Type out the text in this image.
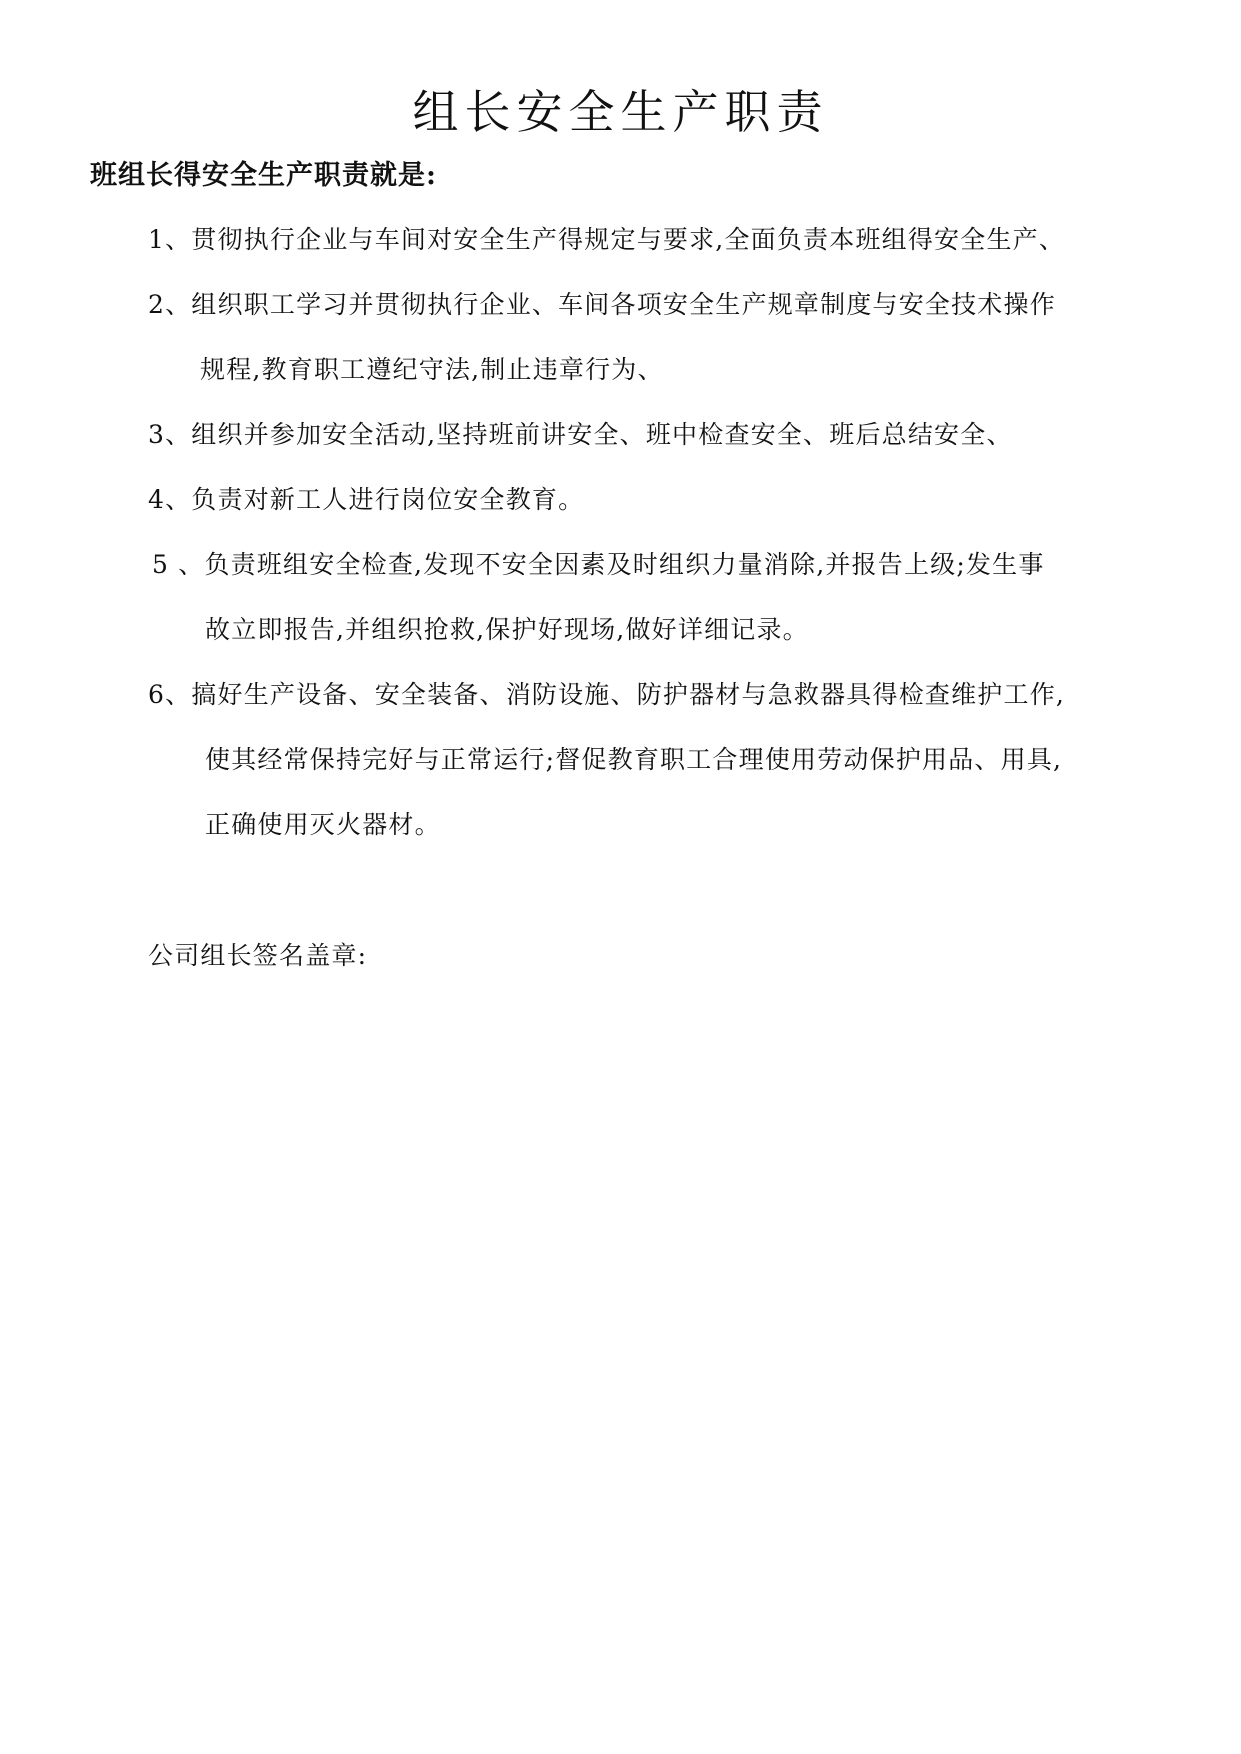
组长安全生产职责

班组长得安全生产职责就是:

1、贯彻执行企业与车间对安全生产得规定与要求,全面负责本班组得安全生产、
2、组织职工学习并贯彻执行企业、车间各项安全生产规章制度与安全技术操作
规程,教育职工遵纪守法,制止违章行为、
3、组织并参加安全活动,坚持班前讲安全、班中检查安全、班后总结安全、
4、负责对新工人进行岗位安全教育。
5 、负责班组安全检查,发现不安全因素及时组织力量消除,并报告上级;发生事
故立即报告,并组织抢救,保护好现场,做好详细记录。
6、搞好生产设备、安全装备、消防设施、防护器材与急救器具得检查维护工作,
使其经常保持完好与正常运行;督促教育职工合理使用劳动保护用品、用具,
正确使用灭火器材。
公司组长签名盖章:
